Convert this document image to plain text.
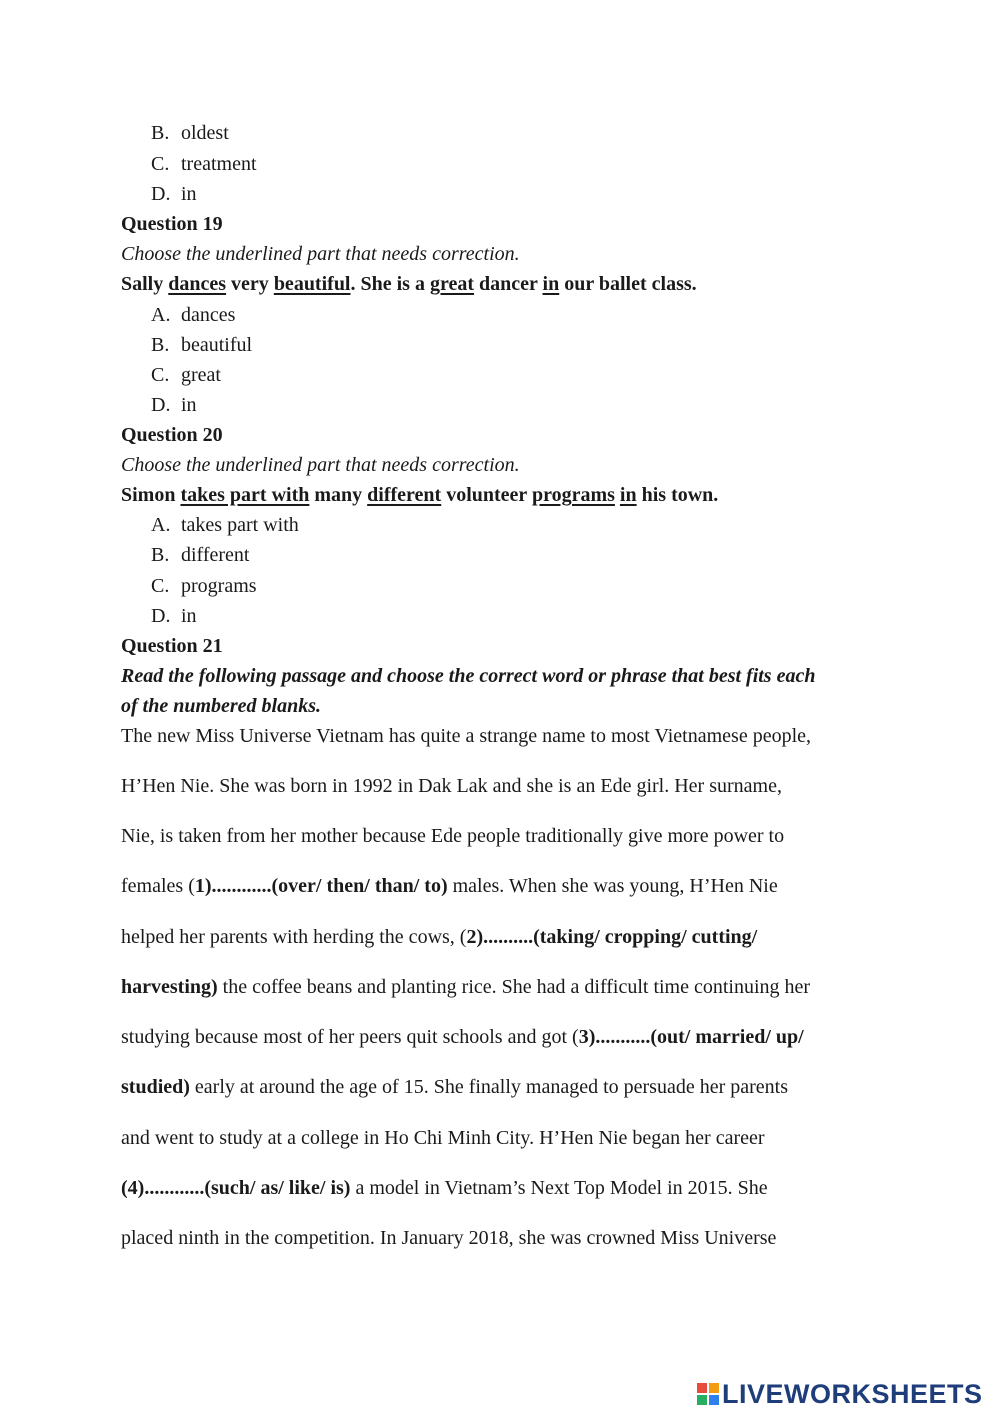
B. oldest
C. treatment
D. in
Question 19
Choose the underlined part that needs correction.
Sally dances very beautiful. She is a great dancer in our ballet class.
A. dances
B. beautiful
C. great
D. in
Question 20
Choose the underlined part that needs correction.
Simon takes part with many different volunteer programs in his town.
A. takes part with
B. different
C. programs
D. in
Question 21
Read the following passage and choose the correct word or phrase that best fits each
of the numbered blanks.
The new Miss Universe Vietnam has quite a strange name to most Vietnamese people,
H’Hen Nie. She was born in 1992 in Dak Lak and she is an Ede girl. Her surname,
Nie, is taken from her mother because Ede people traditionally give more power to
females (1)............(over/ then/ than/ to) males. When she was young, H’Hen Nie
helped her parents with herding the cows, (2)..........(taking/ cropping/ cutting/
harvesting) the coffee beans and planting rice. She had a difficult time continuing her
studying because most of her peers quit schools and got (3)...........(out/ married/ up/
studied) early at around the age of 15. She finally managed to persuade her parents
and went to study at a college in Ho Chi Minh City. H’Hen Nie began her career
(4)............(such/ as/ like/ is) a model in Vietnam’s Next Top Model in 2015. She
placed ninth in the competition. In January 2018, she was crowned Miss Universe
LIVEWORKSHEETS
